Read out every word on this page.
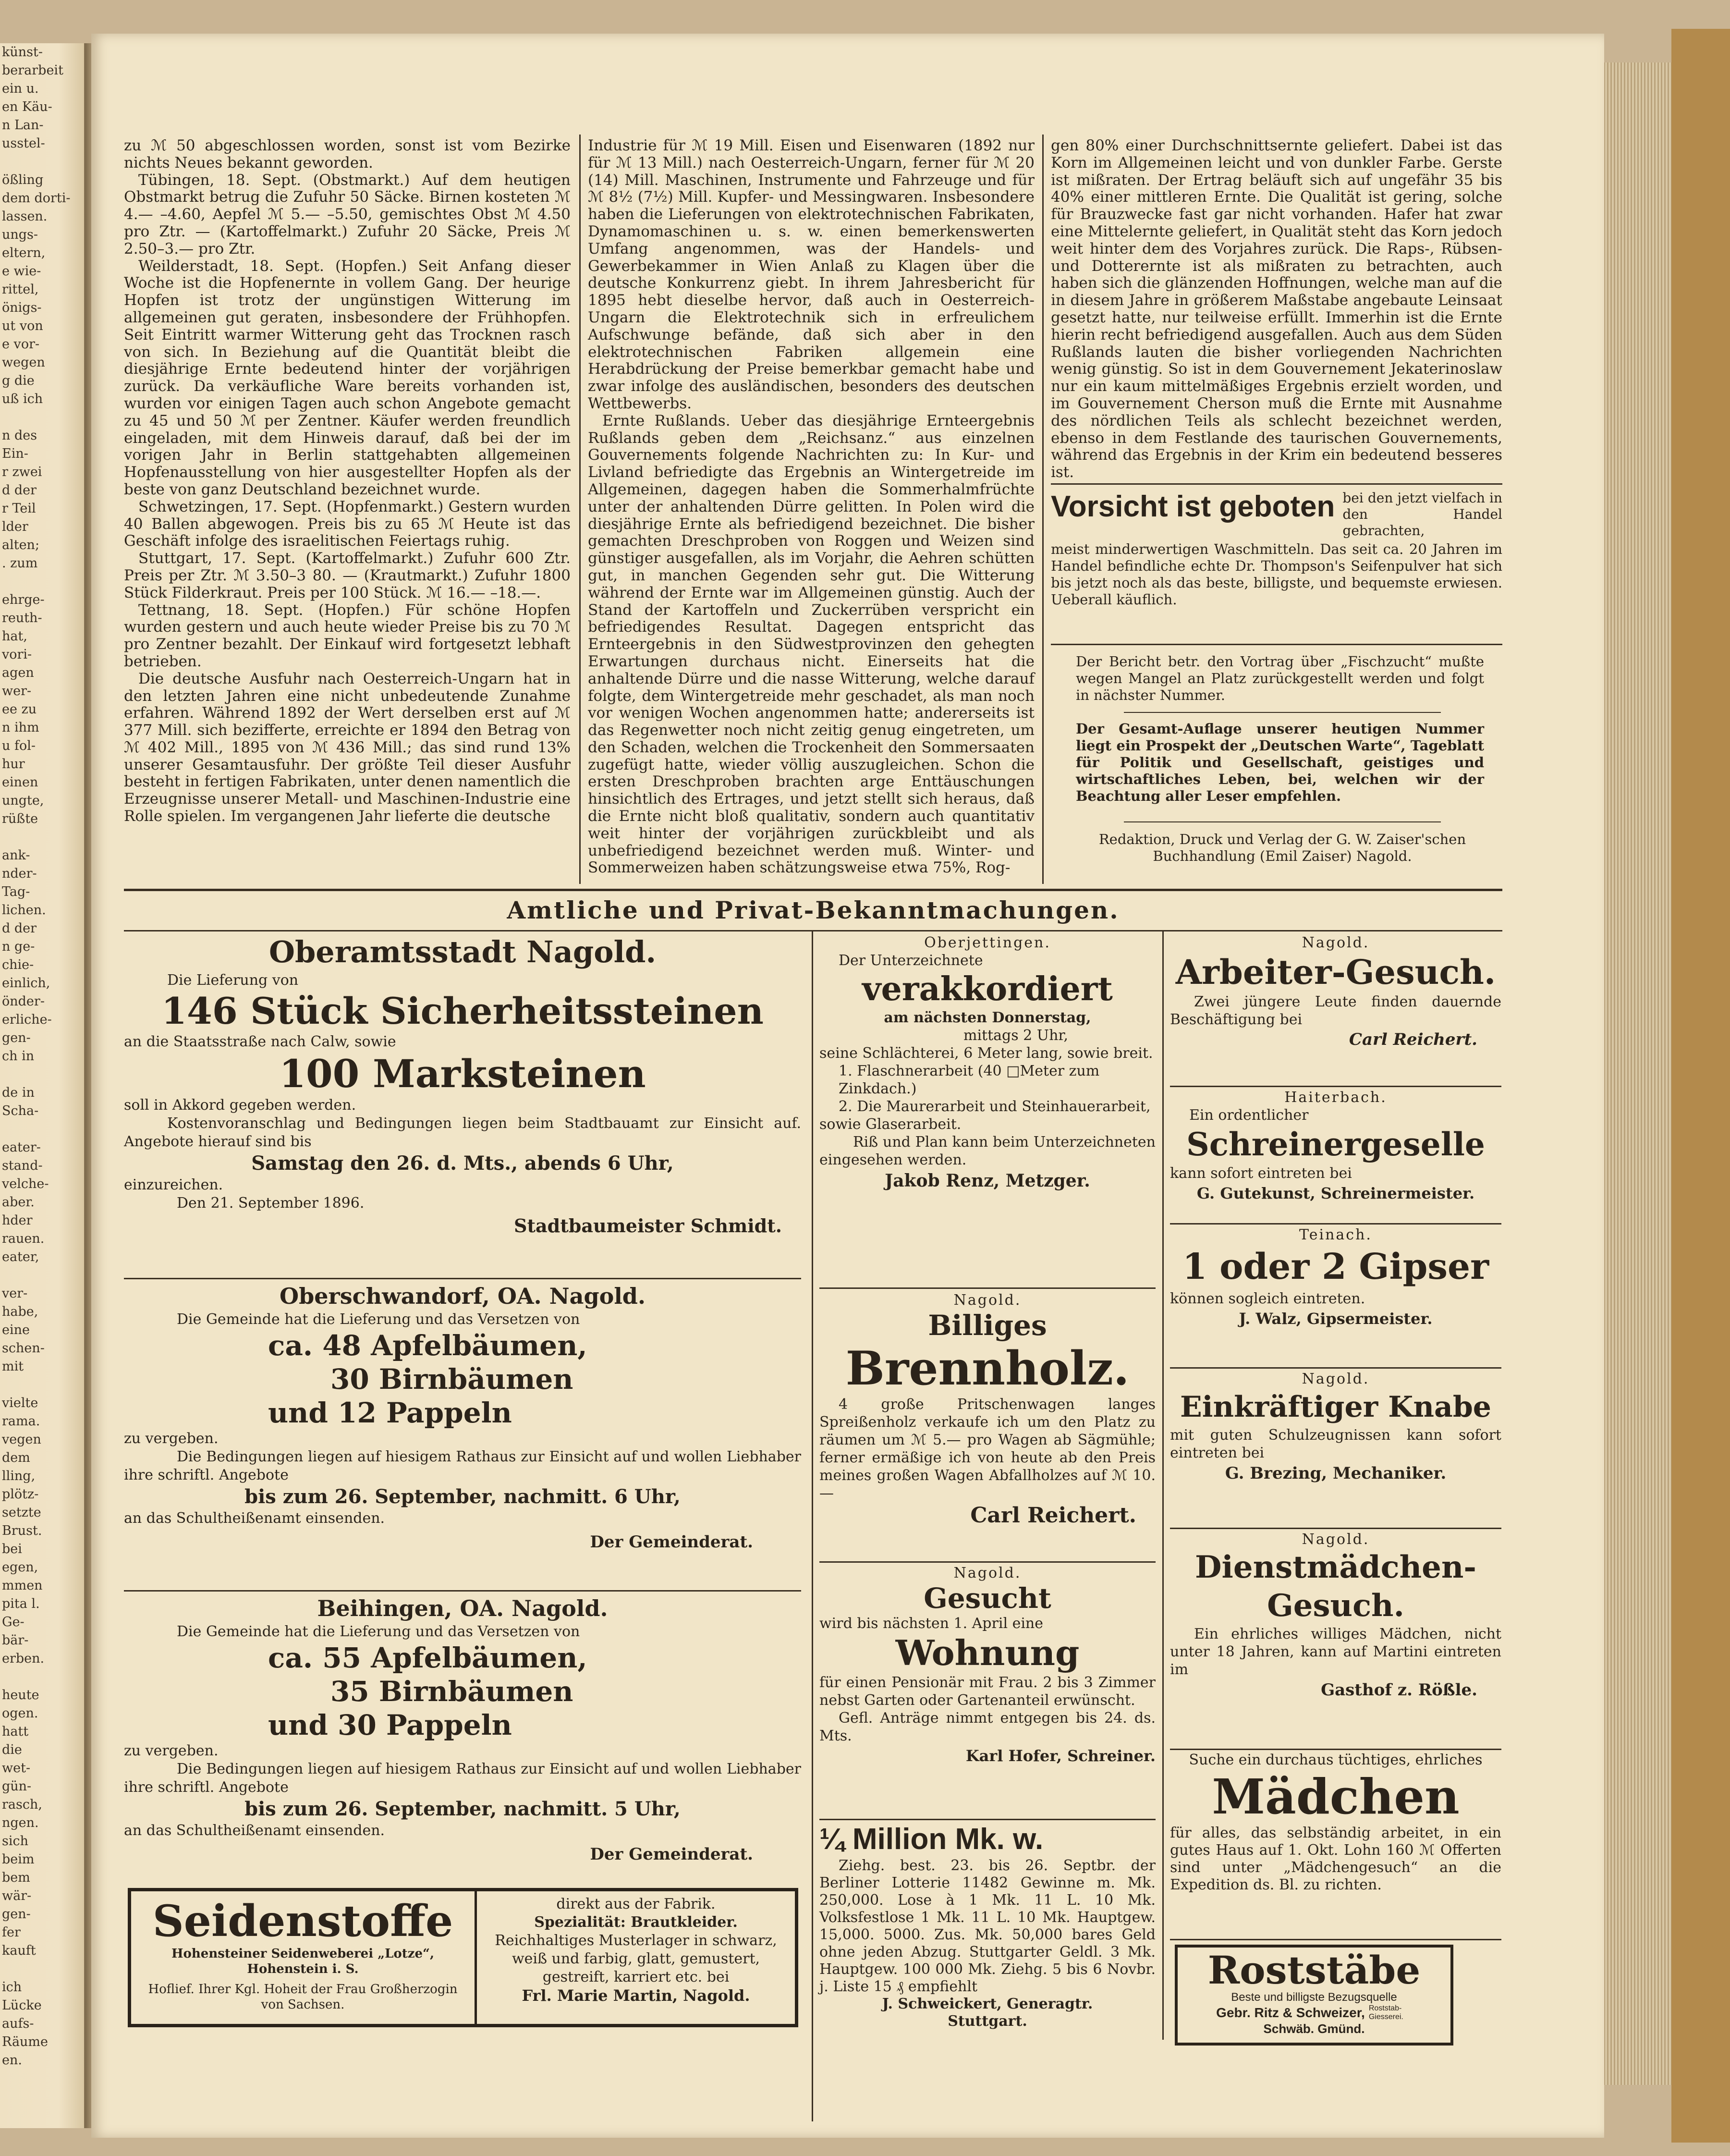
künst-
berarbeit
ein u.
en Käu-
n Lan-
usstel-

ößling
dem dorti-
lassen.
ungs-
eltern,
e wie-
rittel,
önigs-
ut von
e vor-
wegen
g die
uß ich

n des
Ein-
r zwei
d der
r Teil
lder
alten;
. zum

ehrge-
reuth-
hat,
vori-
agen
wer-
ee zu
n ihm
u fol-
hur
einen
ungte,
rüßte

ank-
nder-
Tag-
lichen.
d der
n ge-
chie-
einlich,
önder-
erliche-
gen-
ch in

de in
Scha-

eater-
stand-
velche-
aber.
hder
rauen.
eater,

ver-
habe,
eine
schen-
mit

vielte
rama.
vegen
dem
lling,
plötz-
setzte
Brust.
bei
egen,
mmen
pita l.
Ge-
bär-
erben.

heute
ogen.
hatt
die
wet-
gün-
rasch,
ngen.
sich
beim
bem
wär-
gen-
fer
kauft

ich
Lücke
aufs-
Räume
en.

zu ℳ 50 abgeschlossen worden, sonst ist vom Bezirke nichts Neues bekannt geworden.

Tübingen, 18. Sept. (Obstmarkt.) Auf dem heutigen Obstmarkt betrug die Zufuhr 50 Säcke. Birnen kosteten ℳ 4.— –4.60, Aepfel ℳ 5.— –5.50, gemischtes Obst ℳ 4.50 pro Ztr. — (Kartoffelmarkt.) Zufuhr 20 Säcke, Preis ℳ 2.50–3.— pro Ztr.

Weilderstadt, 18. Sept. (Hopfen.) Seit Anfang dieser Woche ist die Hopfenernte in vollem Gang. Der heurige Hopfen ist trotz der ungünstigen Witterung im allgemeinen gut geraten, insbesondere der Frühhopfen. Seit Eintritt warmer Witterung geht das Trocknen rasch von sich. In Beziehung auf die Quantität bleibt die diesjährige Ernte bedeutend hinter der vorjährigen zurück. Da verkäufliche Ware bereits vorhanden ist, wurden vor einigen Tagen auch schon Angebote gemacht zu 45 und 50 ℳ per Zentner. Käufer werden freundlich eingeladen, mit dem Hinweis darauf, daß bei der im vorigen Jahr in Berlin stattgehabten allgemeinen Hopfenausstellung von hier ausgestellter Hopfen als der beste von ganz Deutschland bezeichnet wurde.

Schwetzingen, 17. Sept. (Hopfenmarkt.) Gestern wurden 40 Ballen abgewogen. Preis bis zu 65 ℳ Heute ist das Geschäft infolge des israelitischen Feiertags ruhig.

Stuttgart, 17. Sept. (Kartoffelmarkt.) Zufuhr 600 Ztr. Preis per Ztr. ℳ 3.50–3 80. — (Krautmarkt.) Zufuhr 1800 Stück Filderkraut. Preis per 100 Stück. ℳ 16.— –18.—.

Tettnang, 18. Sept. (Hopfen.) Für schöne Hopfen wurden gestern und auch heute wieder Preise bis zu 70 ℳ pro Zentner bezahlt. Der Einkauf wird fortgesetzt lebhaft betrieben.

Die deutsche Ausfuhr nach Oesterreich-Ungarn hat in den letzten Jahren eine nicht unbedeutende Zunahme erfahren. Während 1892 der Wert derselben erst auf ℳ 377 Mill. sich bezifferte, erreichte er 1894 den Betrag von ℳ 402 Mill., 1895 von ℳ 436 Mill.; das sind rund 13% unserer Gesamtausfuhr. Der größte Teil dieser Ausfuhr besteht in fertigen Fabrikaten, unter denen namentlich die Erzeugnisse unserer Metall- und Maschinen-Industrie eine Rolle spielen. Im vergangenen Jahr lieferte die deutsche

Industrie für ℳ 19 Mill. Eisen und Eisenwaren (1892 nur für ℳ 13 Mill.) nach Oesterreich-Ungarn, ferner für ℳ 20 (14) Mill. Maschinen, Instrumente und Fahrzeuge und für ℳ 8½ (7½) Mill. Kupfer- und Messingwaren. Insbesondere haben die Lieferungen von elektrotechnischen Fabrikaten, Dynamomaschinen u. s. w. einen bemerkenswerten Umfang angenommen, was der Handels- und Gewerbekammer in Wien Anlaß zu Klagen über die deutsche Konkurrenz giebt. In ihrem Jahresbericht für 1895 hebt dieselbe hervor, daß auch in Oesterreich-Ungarn die Elektrotechnik sich in erfreulichem Aufschwunge befände, daß sich aber in den elektrotechnischen Fabriken allgemein eine Herabdrückung der Preise bemerkbar gemacht habe und zwar infolge des ausländischen, besonders des deutschen Wettbewerbs.

Ernte Rußlands. Ueber das diesjährige Ernteergebnis Rußlands geben dem „Reichsanz.“ aus einzelnen Gouvernements folgende Nachrichten zu: In Kur- und Livland befriedigte das Ergebnis an Wintergetreide im Allgemeinen, dagegen haben die Sommerhalmfrüchte unter der anhaltenden Dürre gelitten. In Polen wird die diesjährige Ernte als befriedigend bezeichnet. Die bisher gemachten Dreschproben von Roggen und Weizen sind günstiger ausgefallen, als im Vorjahr, die Aehren schütten gut, in manchen Gegenden sehr gut. Die Witterung während der Ernte war im Allgemeinen günstig. Auch der Stand der Kartoffeln und Zuckerrüben verspricht ein befriedigendes Resultat. Dagegen entspricht das Ernteergebnis in den Südwestprovinzen den gehegten Erwartungen durchaus nicht. Einerseits hat die anhaltende Dürre und die nasse Witterung, welche darauf folgte, dem Wintergetreide mehr geschadet, als man noch vor wenigen Wochen angenommen hatte; andererseits ist das Regenwetter noch nicht zeitig genug eingetreten, um den Schaden, welchen die Trockenheit den Sommersaaten zugefügt hatte, wieder völlig auszugleichen. Schon die ersten Dreschproben brachten arge Enttäuschungen hinsichtlich des Ertrages, und jetzt stellt sich heraus, daß die Ernte nicht bloß qualitativ, sondern auch quantitativ weit hinter der vorjährigen zurückbleibt und als unbefriedigend bezeichnet werden muß. Winter- und Sommerweizen haben schätzungsweise etwa 75%, Rog-

gen 80% einer Durchschnittsernte geliefert. Dabei ist das Korn im Allgemeinen leicht und von dunkler Farbe. Gerste ist mißraten. Der Ertrag beläuft sich auf ungefähr 35 bis 40% einer mittleren Ernte. Die Qualität ist gering, solche für Brauzwecke fast gar nicht vorhanden. Hafer hat zwar eine Mittelernte geliefert, in Qualität steht das Korn jedoch weit hinter dem des Vorjahres zurück. Die Raps-, Rübsen- und Dotterernte ist als mißraten zu betrachten, auch haben sich die glänzenden Hoffnungen, welche man auf die in diesem Jahre in größerem Maßstabe angebaute Leinsaat gesetzt hatte, nur teilweise erfüllt. Immerhin ist die Ernte hierin recht befriedigend ausgefallen. Auch aus dem Süden Rußlands lauten die bisher vorliegenden Nachrichten wenig günstig. So ist in dem Gouvernement Jekaterinoslaw nur ein kaum mittelmäßiges Ergebnis erzielt worden, und im Gouvernement Cherson muß die Ernte mit Ausnahme des nördlichen Teils als schlecht bezeichnet werden, ebenso in dem Festlande des taurischen Gouvernements, während das Ergebnis in der Krim ein bedeutend besseres ist.

Vorsicht ist geboten bei den jetzt vielfach in den Handel gebrachten,
meist minderwertigen Waschmitteln. Das seit ca. 20 Jahren im Handel befindliche echte Dr. Thompson's Seifenpulver hat sich bis jetzt noch als das beste, billigste, und bequemste erwiesen. Ueberall käuflich.
Der Bericht betr. den Vortrag über „Fischzucht“ mußte wegen Mangel an Platz zurückgestellt werden und folgt in nächster Nummer.
Der Gesamt-Auflage unserer heutigen Nummer liegt ein Prospekt der „Deutschen Warte“, Tageblatt für Politik und Gesellschaft, geistiges und wirtschaftliches Leben, bei, welchen wir der Beachtung aller Leser empfehlen.
Redaktion, Druck und Verlag der G. W. Zaiser'schen Buchhandlung (Emil Zaiser) Nagold.
Amtliche und Privat-Bekanntmachungen.
Oberamtsstadt Nagold.
Die Lieferung von
146 Stück Sicherheitssteinen
an die Staatsstraße nach Calw, sowie
100 Marksteinen
soll in Akkord gegeben werden.
Kostenvoranschlag und Bedingungen liegen beim Stadtbauamt zur Einsicht auf. Angebote hierauf sind bis
Samstag den 26. d. Mts., abends 6 Uhr,
einzureichen.
Den 21. September 1896.
Stadtbaumeister Schmidt.
Oberschwandorf, OA. Nagold.
Die Gemeinde hat die Lieferung und das Versetzen von
ca. 48 Apfelbäumen,
30 Birnbäumen
und 12 Pappeln
zu vergeben.
Die Bedingungen liegen auf hiesigem Rathaus zur Einsicht auf und wollen Liebhaber ihre schriftl. Angebote
bis zum 26. September, nachmitt. 6 Uhr,
an das Schultheißenamt einsenden.
Der Gemeinderat.
Beihingen, OA. Nagold.
Die Gemeinde hat die Lieferung und das Versetzen von
ca. 55 Apfelbäumen,
35 Birnbäumen
und 30 Pappeln
zu vergeben.
Die Bedingungen liegen auf hiesigem Rathaus zur Einsicht auf und wollen Liebhaber ihre schriftl. Angebote
bis zum 26. September, nachmitt. 5 Uhr,
an das Schultheißenamt einsenden.
Der Gemeinderat.
Seidenstoffe
Hohensteiner Seidenweberei „Lotze“,
Hohenstein i. S.
Hoflief. Ihrer Kgl. Hoheit der Frau Großherzogin von Sachsen.
direkt aus der Fabrik.
Spezialität: Brautkleider.
Reichhaltiges Musterlager in schwarz, weiß und farbig, glatt, gemustert, gestreift, karriert etc. bei
Frl. Marie Martin, Nagold.
Oberjettingen.
Der Unterzeichnete
verakkordiert
am nächsten Donnerstag,
mittags 2 Uhr,
seine Schlächterei, 6 Meter lang, sowie breit.
1. Flaschnerarbeit (40 □Meter zum Zinkdach.)
2. Die Maurerarbeit und Steinhauerarbeit,
sowie Glaserarbeit.
Riß und Plan kann beim Unterzeichneten eingesehen werden.
Jakob Renz, Metzger.
Nagold.
Billiges
Brennholz.
4 große Pritschenwagen langes Spreißenholz verkaufe ich um den Platz zu räumen um ℳ 5.— pro Wagen ab Sägmühle; ferner ermäßige ich von heute ab den Preis meines großen Wagen Abfallholzes auf ℳ 10.—
Carl Reichert.
Nagold.
Gesucht
wird bis nächsten 1. April eine
Wohnung
für einen Pensionär mit Frau. 2 bis 3 Zimmer nebst Garten oder Gartenanteil erwünscht.
Gefl. Anträge nimmt entgegen bis 24. ds. Mts.
Karl Hofer, Schreiner.
¼ Million Mk. w.
Ziehg. best. 23. bis 26. Septbr. der Berliner Lotterie 11482 Gewinne m. Mk. 250,000. Lose à 1 Mk. 11 L. 10 Mk. Volksfestlose 1 Mk. 11 L. 10 Mk. Hauptgew. 15,000. 5000. Zus. Mk. 50,000 bares Geld ohne jeden Abzug. Stuttgarter Geldl. 3 Mk. Hauptgew. 100 000 Mk. Ziehg. 5 bis 6 Novbr. j. Liste 15 ₰ empfiehlt
J. Schweickert, Generagtr.
Stuttgart.
Nagold.
Arbeiter-Gesuch.
Zwei jüngere Leute finden dauernde Beschäftigung bei
Carl Reichert.
Haiterbach.
Ein ordentlicher
Schreinergeselle
kann sofort eintreten bei
G. Gutekunst, Schreinermeister.
Teinach.
1 oder 2 Gipser
können sogleich eintreten.
J. Walz, Gipsermeister.
Nagold.
Einkräftiger Knabe
mit guten Schulzeugnissen kann sofort eintreten bei
G. Brezing, Mechaniker.
Nagold.
Dienstmädchen-
Gesuch.
Ein ehrliches williges Mädchen, nicht unter 18 Jahren, kann auf Martini eintreten im
Gasthof z. Rößle.
Suche ein durchaus tüchtiges, ehrliches
Mädchen
für alles, das selbständig arbeitet, in ein gutes Haus auf 1. Okt. Lohn 160 ℳ Offerten sind unter „Mädchengesuch“ an die Expedition ds. Bl. zu richten.
Roststäbe
Beste und billigste Bezugsquelle
Gebr. Ritz & Schweizer, Roststab-Giesserei.
Schwäb. Gmünd.
